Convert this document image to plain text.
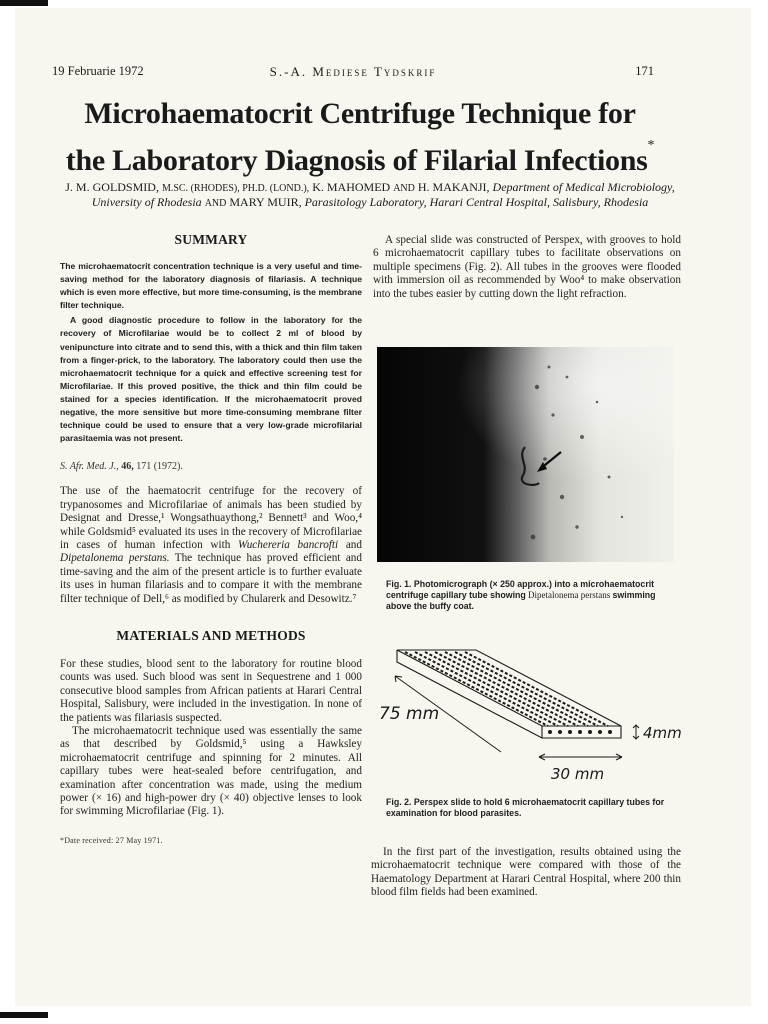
19 Februarie 1972	S.-A. Mediese Tydskrif	171
Microhaematocrit Centrifuge Technique for
the Laboratory Diagnosis of Filarial Infections*
J. M. GOLDSMID, M.SC. (RHODES), PH.D. (LOND.), K. MAHOMED AND H. MAKANJI, Department of Medical Microbiology, University of Rhodesia AND MARY MUIR, Parasitology Laboratory, Harari Central Hospital, Salisbury, Rhodesia
SUMMARY

The microhaematocrit concentration technique is a very useful and time-saving method for the laboratory diagnosis of filariasis. A technique which is even more effective, but more time-consuming, is the membrane filter technique.

A good diagnostic procedure to follow in the laboratory for the recovery of Microfilariae would be to collect 2 ml of blood by venipuncture into citrate and to send this, with a thick and thin film taken from a finger-prick, to the laboratory. The laboratory could then use the microhaematocrit technique for a quick and effective screening test for Microfilariae. If this proved positive, the thick and thin film could be stained for a species identification. If the microhaematocrit proved negative, the more sensitive but more time-consuming membrane filter technique could be used to ensure that a very low-grade microfilarial parasitaemia was not present.

S. Afr. Med. J., 46, 171 (1972).

The use of the haematocrit centrifuge for the recovery of trypanosomes and Microfilariae of animals has been studied by Designat and Dresse,¹ Wongsathuaythong,² Bennett³ and Woo,⁴ while Goldsmid⁵ evaluated its uses in the recovery of Microfilariae in cases of human infection with Wuchereria bancrofti and Dipetalonema perstans. The technique has proved efficient and time-saving and the aim of the present article is to further evaluate its uses in human filariasis and to compare it with the membrane filter technique of Dell,⁶ as modified by Chularerk and Desowitz.⁷

MATERIALS AND METHODS

For these studies, blood sent to the laboratory for routine blood counts was used. Such blood was sent in Sequestrene and 1 000 consecutive blood samples from African patients at Harari Central Hospital, Salisbury, were included in the investigation. In none of the patients was filariasis suspected.

The microhaematocrit technique used was essentially the same as that described by Goldsmid,⁵ using a Hawksley microhaematocrit centrifuge and spinning for 2 minutes. All capillary tubes were heat-sealed before centrifugation, and examination after concentration was made, using the medium power (× 16) and high-power dry (× 40) objective lenses to look for swimming Microfilariae (Fig. 1).

*Date received: 27 May 1971.

A special slide was constructed of Perspex, with grooves to hold 6 microhaematocrit capillary tubes to facilitate observations on multiple specimens (Fig. 2). All tubes in the grooves were flooded with immersion oil as recommended by Woo⁴ to make observation into the tubes easier by cutting down the light refraction.

Fig. 1. Photomicrograph (× 250 approx.) into a microhaematocrit centrifuge capillary tube showing Dipetalonema perstans swimming above the buffy coat.

75 mm
30 mm
4mm

Fig. 2. Perspex slide to hold 6 microhaematocrit capillary tubes for examination for blood parasites.

In the first part of the investigation, results obtained using the microhaematocrit technique were compared with those of the Haematology Department at Harari Central Hospital, where 200 thin blood film fields had been examined.
